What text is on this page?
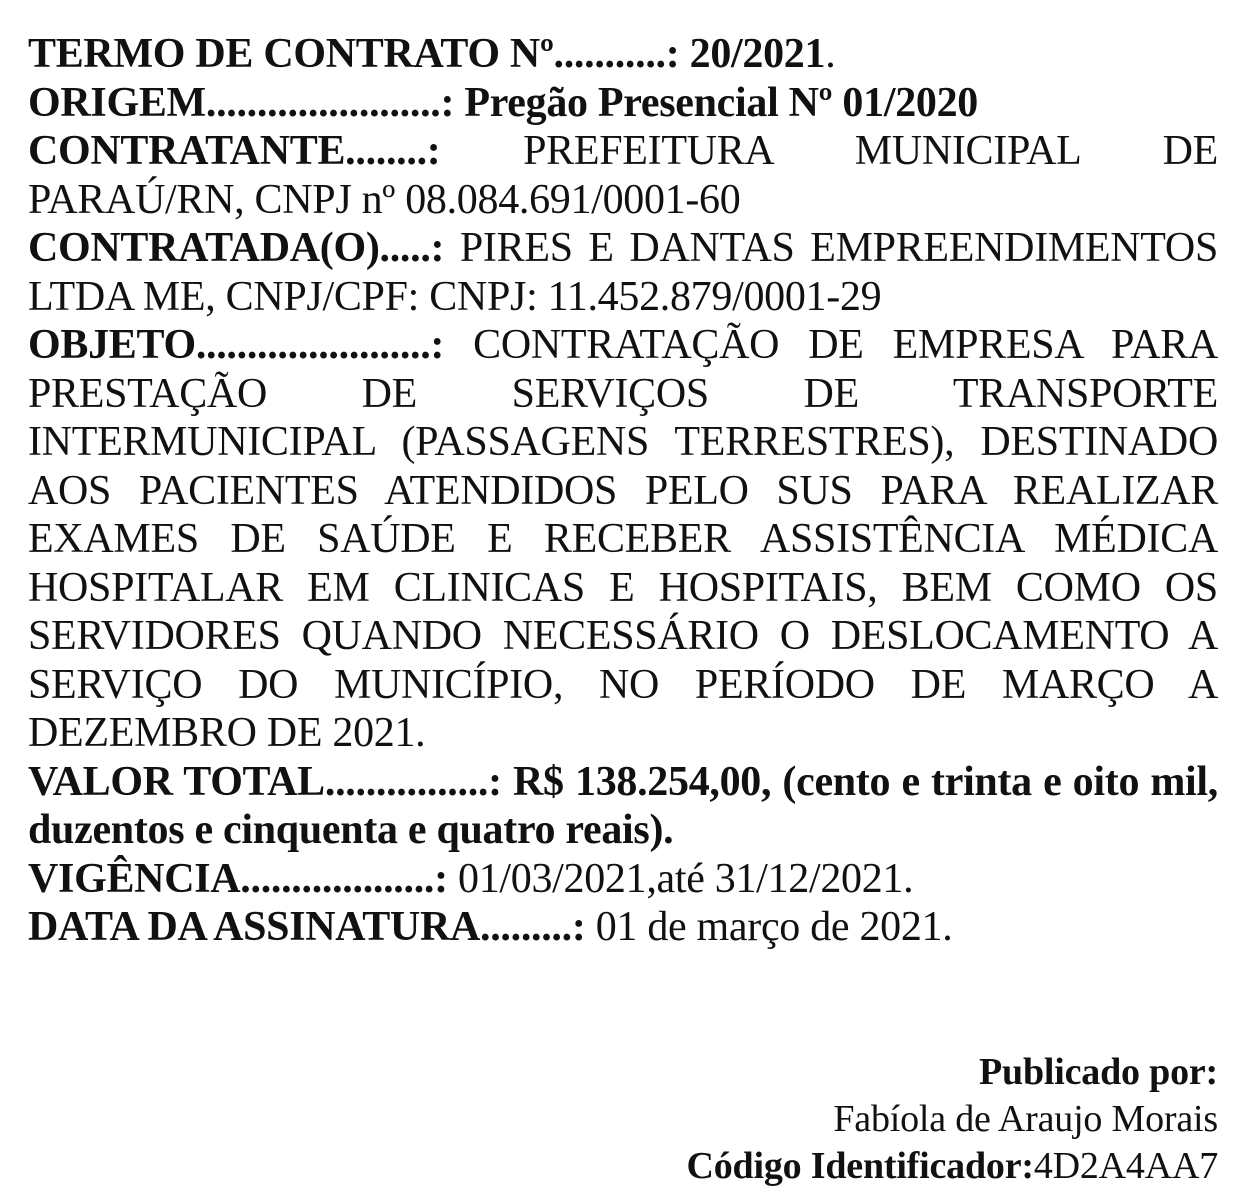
TERMO DE CONTRATO Nº...........: 20/2021.

ORIGEM.......................: Pregão Presencial Nº 01/2020

CONTRATANTE........: PREFEITURA MUNICIPAL DE PARAÚ/RN, CNPJ nº 08.084.691/0001-60

CONTRATADA(O).....: PIRES E DANTAS EMPREENDIMENTOS LTDA ME, CNPJ/CPF: CNPJ: 11.452.879/0001-29

OBJETO.......................: CONTRATAÇÃO DE EMPRESA PARA PRESTAÇÃO DE SERVIÇOS DE TRANSPORTE INTERMUNICIPAL (PASSAGENS TERRESTRES), DESTINADO AOS PACIENTES ATENDIDOS PELO SUS PARA REALIZAR EXAMES DE SAÚDE E RECEBER ASSISTÊNCIA MÉDICA HOSPITALAR EM CLINICAS E HOSPITAIS, BEM COMO OS SERVIDORES QUANDO NECESSÁRIO O DESLOCAMENTO A SERVIÇO DO MUNICÍPIO, NO PERÍODO DE MARÇO A DEZEMBRO DE 2021.

VALOR TOTAL................: R$ 138.254,00, (cento e trinta e oito mil, duzentos e cinquenta e quatro reais).

VIGÊNCIA...................: 01/03/2021,até 31/12/2021.

DATA DA ASSINATURA.........: 01 de março de 2021.

Publicado por:

Fabíola de Araujo Morais

Código Identificador:4D2A4AA7
